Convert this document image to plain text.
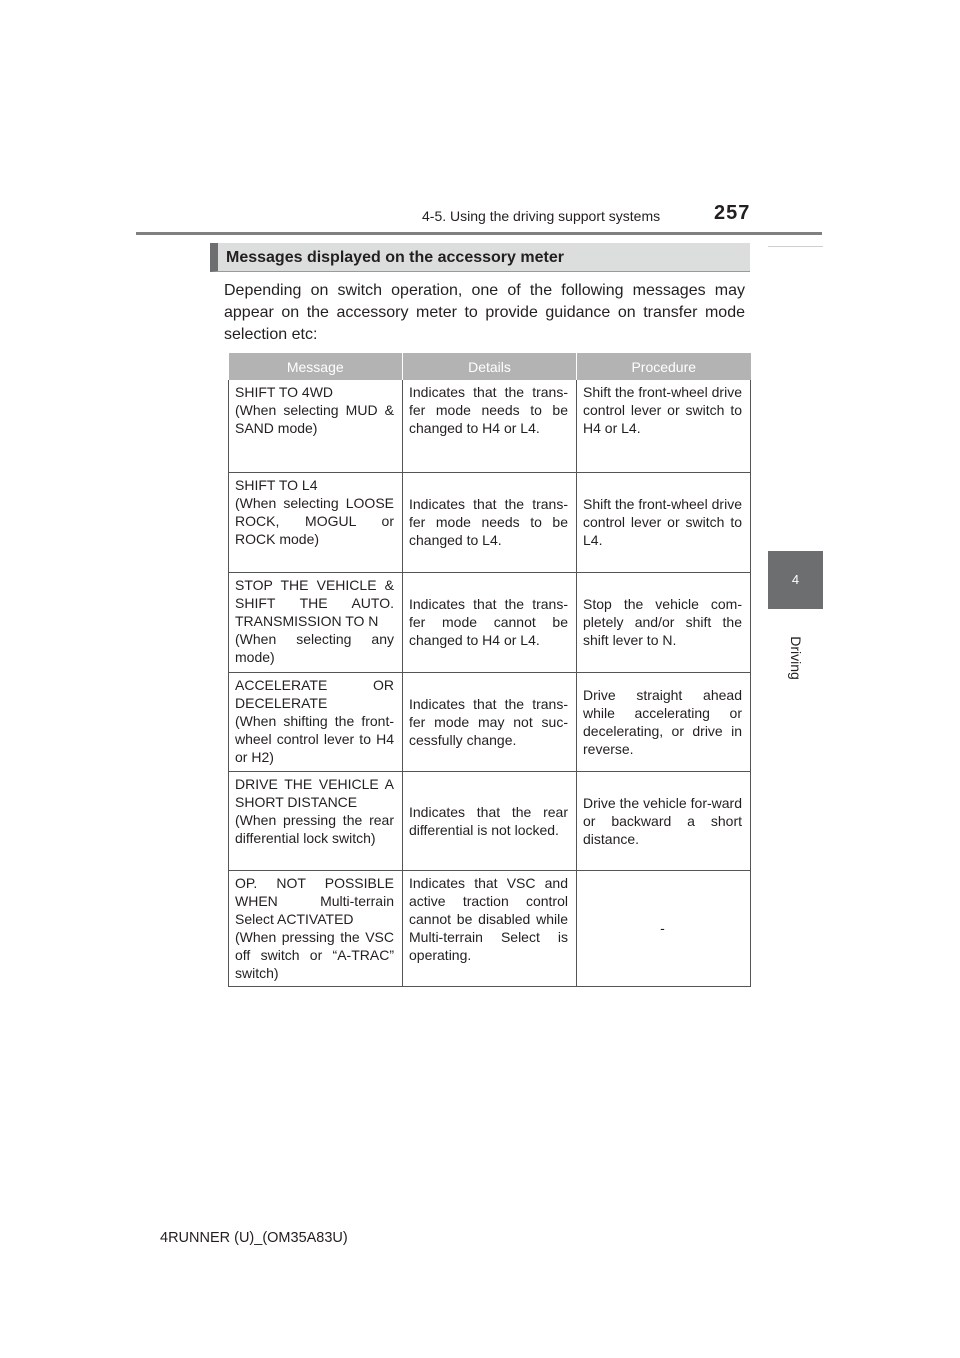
4-5. Using the driving support systems	257
4
Driving
Messages displayed on the accessory meter
Depending on switch operation, one of the following messages may appear on the accessory meter to provide guidance on transfer mode selection etc:
Message	Details	Procedure

SHIFT TO 4WD
(When selecting MUD & SAND mode)	Indicates that the trans-fer mode needs to be changed to H4 or L4.	Shift the front-wheel drive control lever or switch to H4 or L4.

SHIFT TO L4
(When selecting LOOSE ROCK, MOGUL or ROCK mode)	Indicates that the trans-fer mode needs to be changed to L4.	Shift the front-wheel drive control lever or switch to L4.

STOP THE VEHICLE & SHIFT THE AUTO. TRANSMISSION TO N
(When selecting any mode)	Indicates that the trans-fer mode cannot be changed to H4 or L4.	Stop the vehicle com-pletely and/or shift the shift lever to N.

ACCELERATE OR DECELERATE
(When shifting the front-wheel control lever to H4 or H2)	Indicates that the trans-fer mode may not suc-cessfully change.	Drive straight ahead while accelerating or decelerating, or drive in reverse.

DRIVE THE VEHICLE A SHORT DISTANCE
(When pressing the rear differential lock switch)	Indicates that the rear differential is not locked.	Drive the vehicle for-ward or backward a short distance.

OP. NOT POSSIBLE WHEN Multi-terrain Select ACTIVATED
(When pressing the VSC off switch or “A-TRAC” switch)	Indicates that VSC and active traction control cannot be disabled while Multi-terrain Select is operating.	-
4RUNNER (U)_(OM35A83U)
